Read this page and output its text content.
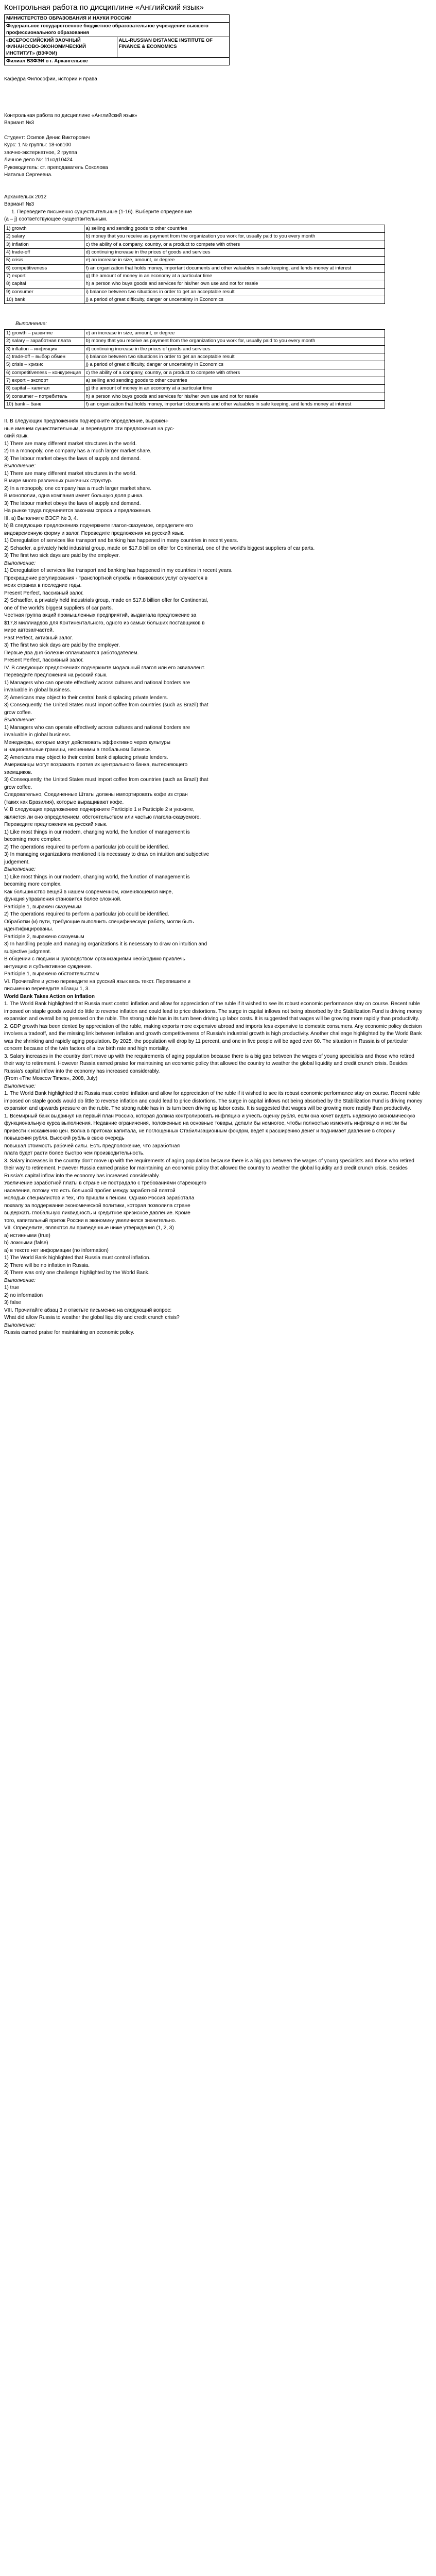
Контрольная работа по дисциплине «Английский язык»
МИНИСТЕРСТВО ОБРАЗОВАНИЯ И НАУКИ РОССИИ
Федеральное государственное бюджетное образовательное учреждение высшего профессионального образования
«ВСЕРОССИЙСКИЙ ЗАОЧНЫЙ ФИНАНСОВО-ЭКОНОМИЧЕСКИЙ ИНСТИТУТ» (ВЗФЭИ)	ALL-RUSSIAN DISTANCE INSTITUTE OF FINANCE & ECONOMICS
Филиал ВЗФЭИ в г. Архангельске

Кафедра Философии, истории и права

Контрольная работа по дисциплине «Английский язык»

Вариант №3

Студент: Осипов Денис Викторович

Курс: 1 № группы: 18-юв100

заочно-экстернатное, 2 группа

Личное дело №: 11нэд10424

Руководитель: ст. преподаватель Соколова

Наталья Сергеевна.

Архангельск 2012

Вариант №3

1. Переведите письменно существительные (1-16). Выберите определение

(a – j) соответствующее существительным.

1) growth	a) selling and sending goods to other countries
2) salary	b) money that you receive as payment from the organization you work for, usually paid to you every month
3) inflation	c) the ability of a company, country, or a product to compete with others
4) trade-off	d) continuing increase in the prices of goods and services
5) crisis	e) an increase in size, amount, or degree
6) competitiveness	f) an organization that holds money, important documents and other valuables in safe keeping, and lends money at interest
7) export	g) the amount of money in an economy at a particular time
8) capital	h) a person who buys goods and services for his/her own use and not for resale
9) consumer	i) balance between two situations in order to get an acceptable result
10) bank	j) a period of great difficulty, danger or uncertainty in Economics

Выполнение:

1) growth – развитие	e) an increase in size, amount, or degree
2) salary – заработная плата	b) money that you receive as payment from the organization you work for, usually paid to you every month
3) inflation – инфляция	d) continuing increase in the prices of goods and services
4) trade-off – выбор обмен	i) balance between two situations in order to get an acceptable result
5) crisis – кризис	j) a period of great difficulty, danger or uncertainty in Economics
6) competitiveness – конкуренция	c) the ability of a company, country, or a product to compete with others
7) export – экспорт	a) selling and sending goods to other countries
8) capital – капитал	g) the amount of money in an economy at a particular time
9) consumer – потребитель	h) a person who buys goods and services for his/her own use and not for resale
10) bank – банк	f) an organization that holds money, important documents and other valuables in safe keeping, and lends money at interest

II. В следующих предложениях подчеркните определение, выражен-

ные именем существительным, и переведите эти предложения на рус-

ский язык.

1) There are many different market structures in the world.

2) In a monopoly, one company has a much larger market share.

3) The labour market obeys the laws of supply and demand.

Выполнение:

1) There are many different market structures in the world.

В мире много различных рыночных структур.

2) In a monopoly, one company has a much larger market share.

В монополии, одна компания имеет большую доля рынка.

3) The labour market obeys the laws of supply and demand.

На рынке труда подчиняется законам спроса и предложения.

III. a) Выполните ВЭСР № 3, 4.

b) В следующих предложениях подчеркните глагол-сказуемое, определите его

видовременную форму и залог. Переведите предложения на русский язык.

1) Deregulation of services like transport and banking has happened in many countries in recent years.

2) Schaefer, a privately held industrial group, made on $17.8 billion offer for Continental, one of the world's biggest suppliers of car parts.

3) The first two sick days are paid by the employer.

Выполнение:

1) Deregulation of services like transport and banking has happened in my countries in recent years.

Прекращение регулирования - транспортной службы и банковских услуг случается в

моих странах в последние годы.

Present Perfect, пассивный залог.

2) Schaeffer, a privately held industrials group, made on $17.8 billion offer for Continental,

one of the world's biggest suppliers of car parts.

Честная группа акций промышленных предприятий, выдвигала предложение за

$17,8 миллиардов для Континентального, одного из самых больших поставщиков в

мире автозапчастей.

Past Perfect, активный залог.

3) The first two sick days are paid by the employer.

Первые два дня болезни оплачиваются работодателем.

Present Perfect, пассивный залог.

IV. В следующих предложениях подчеркните модальный глагол или его эквивалент.

Переведите предложения на русский язык.

1) Managers who can operate effectively across cultures and national borders are

invaluable in global business.

2) Americans may object to their central bank displacing private lenders.

3) Consequently, the United States must import coffee from countries (such as Brazil) that

grow coffee.

Выполнение:

1) Managers who can operate effectively across cultures and national borders are

invaluable in global business.

Менеджеры, которые могут действовать эффективно через культуры

и национальные границы, неоценимы в глобальном бизнесе.

2) Americans may object to their central bank displacing private lenders.

Американцы могут возражать против их центрального банка, вытесняющего

заемщиков.

3) Consequently, the United States must import coffee from countries (such as Brazil) that

grow coffee.

Следовательно, Соединенные Штаты должны импортировать кофе из стран

(таких как Бразилия), которые выращивают кофе.

V. В следующих предложениях подчеркните Participle 1 и Participle 2 и укажите,

является ли оно определением, обстоятельством или частью глагола-сказуемого.

Переведите предложения на русский язык.

1) Like most things in our modern, changing world, the function of management is

becoming more complex.

2) The operations required to perform a particular job could be identified.

3) In managing organizations mentioned it is necessary to draw on intuition and subjective

judgement.

Выполнение:

1) Like most things in our modern, changing world, the function of management is

becoming more complex.

Как большинство вещей в нашем современном, изменяющемся мире,

функция управления становится более сложной.

Participle 1, выражен сказуемым

2) The operations required to perform a particular job could be identified.

Обработки (и) пути, требующие выполнить специфическую работу, могли быть

идентифицированы.

Participle 2, выражено сказуемым

3) In handling people and managing organizations it is necessary to draw on intuition and

subjective judgment.

В общении с людьми и руководством организациями необходимо привлечь

интуицию и субъективное суждение.

Participle 1, выражено обстоятельством

VI. Прочитайте и устно переведите на русский язык весь текст. Перепишите и

письменно переведите абзацы 1, 3.

World Bank Takes Action on Inflation

1. The World Bank highlighted that Russia must control inflation and allow for appreciation of the ruble if it wished to see its robust economic performance stay on course. Recent ruble imposed on staple goods would do little to reverse inflation and could lead to price distortions. The surge in capital inflows not being absorbed by the Stabilization Fund is driving money expansion and overall being pressed on the ruble. The strong ruble has in its turn been driving up labor costs. It is suggested that wages will be growing more rapidly than productivity.

2. GDP growth has been dented by appreciation of the ruble, making exports more expensive abroad and imports less expensive to domestic consumers. Any economic policy decision involves a tradeoff, and the missing link between inflation and growth competitiveness of Russia's industrial growth is high productivity. Another challenge highlighted by the World Bank was the shrinking and rapidly aging population. By 2025, the population will drop by 11 percent, and one in five people will be aged over 60. The situation in Russia is of particular concern because of the twin factors of a low birth rate and high mortality.

3. Salary increases in the country don't move up with the requirements of aging population because there is a big gap between the wages of young specialists and those who retired their way to retirement. However Russia earned praise for maintaining an economic policy that allowed the country to weather the global liquidity and credit crunch crisis. Besides Russia's capital inflow into the economy has increased considerably.

(From «The Moscow Times», 2008, July)

Выполнение:

1. The World Bank highlighted that Russia must control inflation and allow for appreciation of the ruble if it wished to see its robust economic performance stay on course. Recent ruble imposed on staple goods would do little to reverse inflation and could lead to price distortions. The surge in capital inflows not being absorbed by the Stabilization Fund is driving money expansion and upwards pressure on the ruble. The strong ruble has in its turn been driving up labor costs. It is suggested that wages will be growing more rapidly than productivity.

1. Всемирный банк выдвинул на первый план Россию, которая должна контролировать инфляцию и учесть оценку рубля, если она хочет видеть надежную экономическую функциональную курса выполнения. Недавние ограничения, положенные на основные товары, делали бы немногое, чтобы полностью изменить инфляцию и могли бы привести к искажению цен. Волна в притоках капитала, не поглощенных Стабилизационным фондом, ведет к расширению денег и поднимает давление в сторону повышения рубля. Высокий рубль в свою очередь

повышал стоимость рабочей силы. Есть предположение, что заработная

плата будет расти более быстро чем производительность.

3. Salary increases in the country don't move up with the requirements of aging population because there is a big gap between the wages of young specialists and those who retired their way to retirement. However Russia earned praise for maintaining an economic policy that allowed the country to weather the global liquidity and credit crunch crisis. Besides Russia's capital inflow into the economy has increased considerably.

Увеличение заработной платы в стране не пострадало с требованиями стареющего

населения, потому что есть большой пробел между заработной платой

молодых специалистов и тех, что пришли к пенсии. Однако Россия заработала

похвалу за поддержание экономической политики, которая позволила стране

выдержать глобальную ликвидность и кредитное кризисное давление. Кроме

того, капитальный приток России в экономику увеличился значительно.

VII. Определите, являются ли приведенные ниже утверждения (1, 2, 3)

a) истинными (true)

b) ложными (false)

а) в тексте нет информации (no information)

1) The World Bank highlighted that Russia must control inflation.

2) There will be no inflation in Russia.

3) There was only one challenge highlighted by the World Bank.

Выполнение:

1) true

2) no information

3) false

VIII. Прочитайте абзац 3 и ответьте письменно на следующий вопрос:

What did allow Russia to weather the global liquidity and credit crunch crisis?

Выполнение:

Russia earned praise for maintaining an economic policy.
